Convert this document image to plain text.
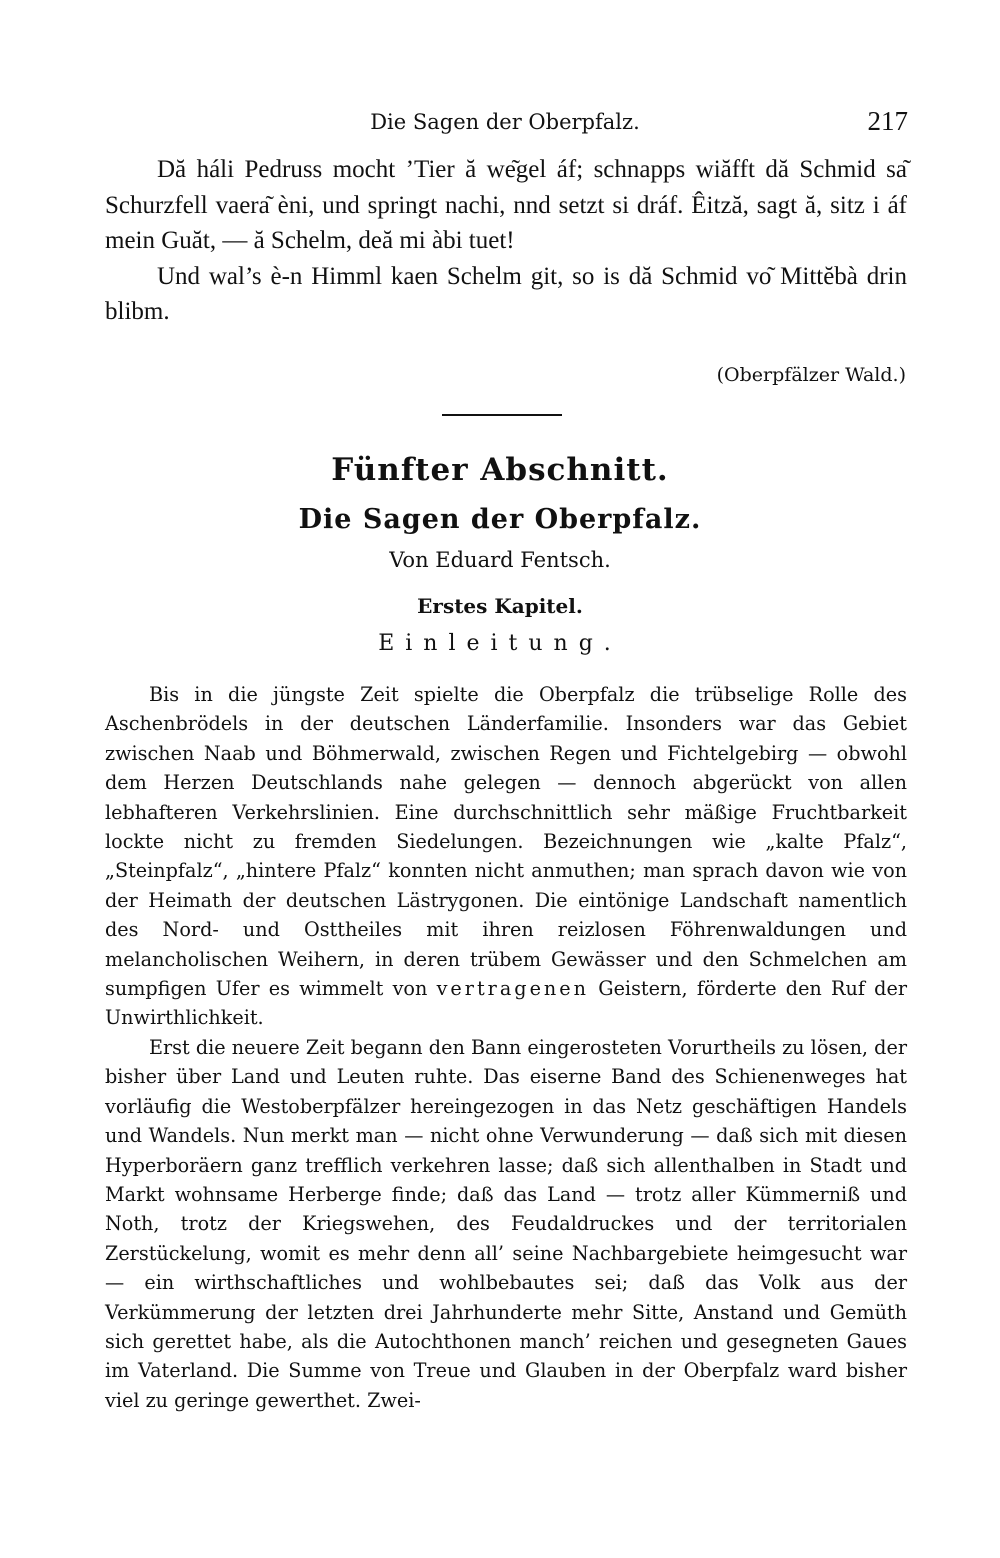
Die Sagen der Oberpfalz.	217

Dă háli Pedruss mocht ’Tier ă we͂gel áf; schnapps wiăfft dă Schmid sa͂ Schurzfell vaera͂ èni, und springt nachi, nnd setzt si dráf. Êitză, sagt ă, sitz i áf mein Guăt, — ă Schelm, deă mi àbi tuet!

Und wal’s è-n Himml kaen Schelm git, so is dă Schmid vo͂ Mittĕbà drin blibm.

(Oberpfälzer Wald.)
Fünfter Abschnitt.
Die Sagen der Oberpfalz.
Von Eduard Fentsch.
Erstes Kapitel.
Einleitung.

Bis in die jüngste Zeit spielte die Oberpfalz die trübselige Rolle des Aschenbrödels in der deutschen Länderfamilie. Insonders war das Gebiet zwischen Naab und Böhmerwald, zwischen Regen und Fichtelgebirg — obwohl dem Herzen Deutschlands nahe gelegen — dennoch abgerückt von allen lebhafteren Verkehrslinien. Eine durchschnittlich sehr mäßige Fruchtbarkeit lockte nicht zu fremden Siedelungen. Bezeichnungen wie „kalte Pfalz“, „Steinpfalz“, „hintere Pfalz“ konnten nicht anmuthen; man sprach davon wie von der Heimath der deutschen Lästrygonen. Die eintönige Landschaft namentlich des Nord- und Osttheiles mit ihren reizlosen Föhrenwaldungen und melancholischen Weihern, in deren trübem Gewässer und den Schmelchen am sumpfigen Ufer es wimmelt von vertragenen Geistern, förderte den Ruf der Unwirthlichkeit.

Erst die neuere Zeit begann den Bann eingerosteten Vorurtheils zu lösen, der bisher über Land und Leuten ruhte. Das eiserne Band des Schienenweges hat vorläufig die Westoberpfälzer hereingezogen in das Netz geschäftigen Handels und Wandels. Nun merkt man — nicht ohne Verwunderung — daß sich mit diesen Hyperboräern ganz trefflich verkehren lasse; daß sich allenthalben in Stadt und Markt wohnsame Herberge finde; daß das Land — trotz aller Kümmerniß und Noth, trotz der Kriegswehen, des Feudaldruckes und der territorialen Zerstückelung, womit es mehr denn all’ seine Nachbargebiete heimgesucht war — ein wirthschaftliches und wohlbebautes sei; daß das Volk aus der Verkümmerung der letzten drei Jahrhunderte mehr Sitte, Anstand und Gemüth sich gerettet habe, als die Autochthonen manch’ reichen und gesegneten Gaues im Vaterland. Die Summe von Treue und Glauben in der Oberpfalz ward bisher viel zu geringe gewerthet. Zwei-
